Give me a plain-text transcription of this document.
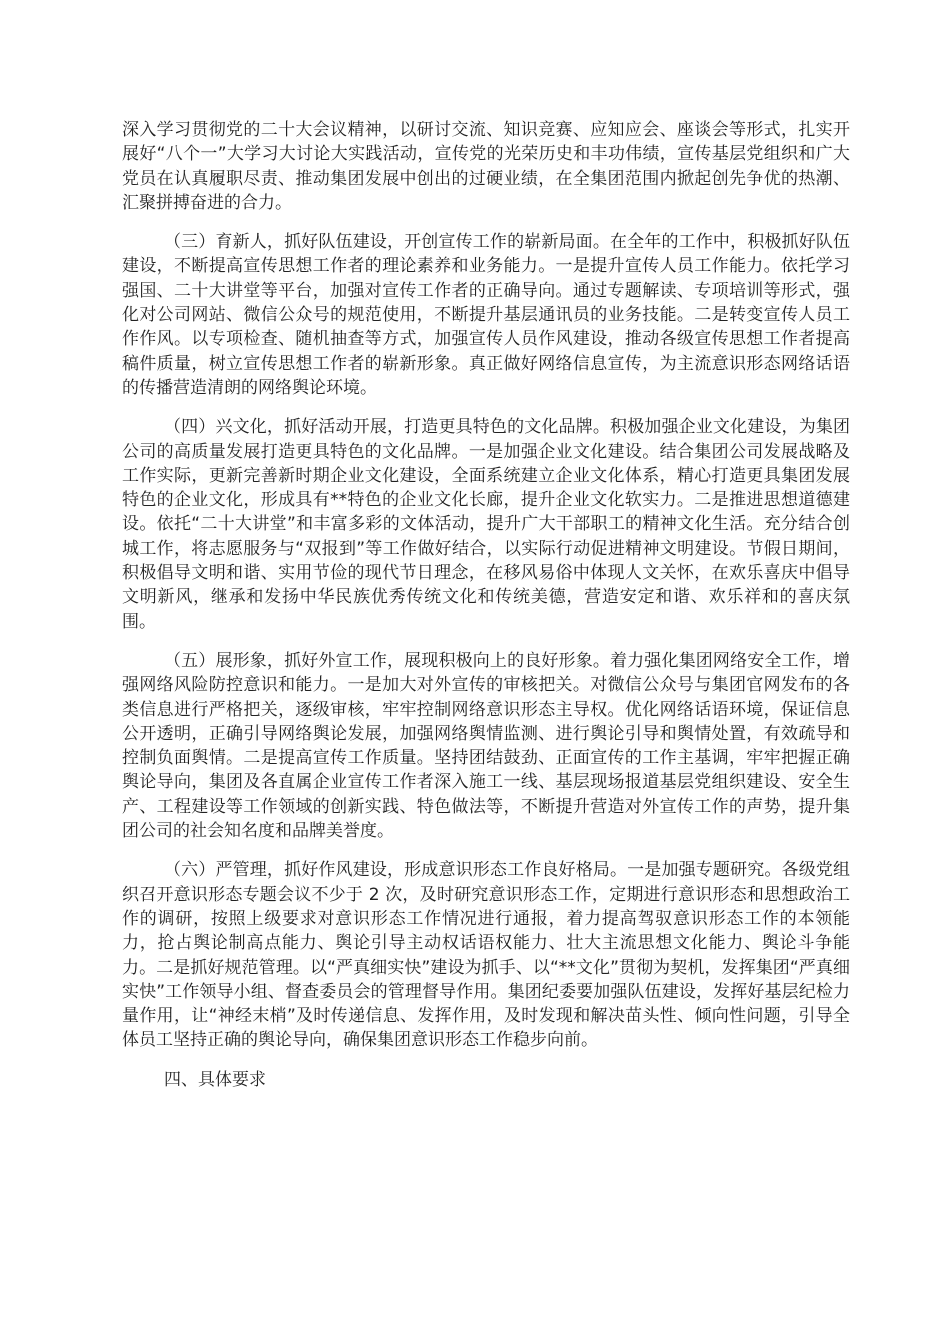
深入学习贯彻党的二十大会议精神，以研讨交流、知识竞赛、应知应会、座谈会等形式，扎实开展好“八个一”大学习大讨论大实践活动，宣传党的光荣历史和丰功伟绩，宣传基层党组织和广大党员在认真履职尽责、推动集团发展中创出的过硬业绩，在全集团范围内掀起创先争优的热潮、汇聚拼搏奋进的合力。

（三）育新人，抓好队伍建设，开创宣传工作的崭新局面。在全年的工作中，积极抓好队伍建设，不断提高宣传思想工作者的理论素养和业务能力。一是提升宣传人员工作能力。依托学习强国、二十大讲堂等平台，加强对宣传工作者的正确导向。通过专题解读、专项培训等形式，强化对公司网站、微信公众号的规范使用，不断提升基层通讯员的业务技能。二是转变宣传人员工作作风。以专项检查、随机抽查等方式，加强宣传人员作风建设，推动各级宣传思想工作者提高稿件质量，树立宣传思想工作者的崭新形象。真正做好网络信息宣传，为主流意识形态网络话语的传播营造清朗的网络舆论环境。

（四）兴文化，抓好活动开展，打造更具特色的文化品牌。积极加强企业文化建设，为集团公司的高质量发展打造更具特色的文化品牌。一是加强企业文化建设。结合集团公司发展战略及工作实际，更新完善新时期企业文化建设，全面系统建立企业文化体系，精心打造更具集团发展特色的企业文化，形成具有**特色的企业文化长廊，提升企业文化软实力。二是推进思想道德建设。依托“二十大讲堂”和丰富多彩的文体活动，提升广大干部职工的精神文化生活。充分结合创城工作，将志愿服务与“双报到”等工作做好结合，以实际行动促进精神文明建设。节假日期间，积极倡导文明和谐、实用节俭的现代节日理念，在移风易俗中体现人文关怀，在欢乐喜庆中倡导文明新风，继承和发扬中华民族优秀传统文化和传统美德，营造安定和谐、欢乐祥和的喜庆氛围。

（五）展形象，抓好外宣工作，展现积极向上的良好形象。着力强化集团网络安全工作，增强网络风险防控意识和能力。一是加大对外宣传的审核把关。对微信公众号与集团官网发布的各类信息进行严格把关，逐级审核，牢牢控制网络意识形态主导权。优化网络话语环境，保证信息公开透明，正确引导网络舆论发展，加强网络舆情监测、进行舆论引导和舆情处置，有效疏导和控制负面舆情。二是提高宣传工作质量。坚持团结鼓劲、正面宣传的工作主基调，牢牢把握正确舆论导向，集团及各直属企业宣传工作者深入施工一线、基层现场报道基层党组织建设、安全生产、工程建设等工作领域的创新实践、特色做法等，不断提升营造对外宣传工作的声势，提升集团公司的社会知名度和品牌美誉度。

（六）严管理，抓好作风建设，形成意识形态工作良好格局。一是加强专题研究。各级党组织召开意识形态专题会议不少于 2 次，及时研究意识形态工作，定期进行意识形态和思想政治工作的调研，按照上级要求对意识形态工作情况进行通报，着力提高驾驭意识形态工作的本领能力，抢占舆论制高点能力、舆论引导主动权话语权能力、壮大主流思想文化能力、舆论斗争能力。二是抓好规范管理。以“严真细实快”建设为抓手、以“**文化”贯彻为契机，发挥集团“严真细实快”工作领导小组、督查委员会的管理督导作用。集团纪委要加强队伍建设，发挥好基层纪检力量作用，让“神经末梢”及时传递信息、发挥作用，及时发现和解决苗头性、倾向性问题，引导全体员工坚持正确的舆论导向，确保集团意识形态工作稳步向前。

四、具体要求
